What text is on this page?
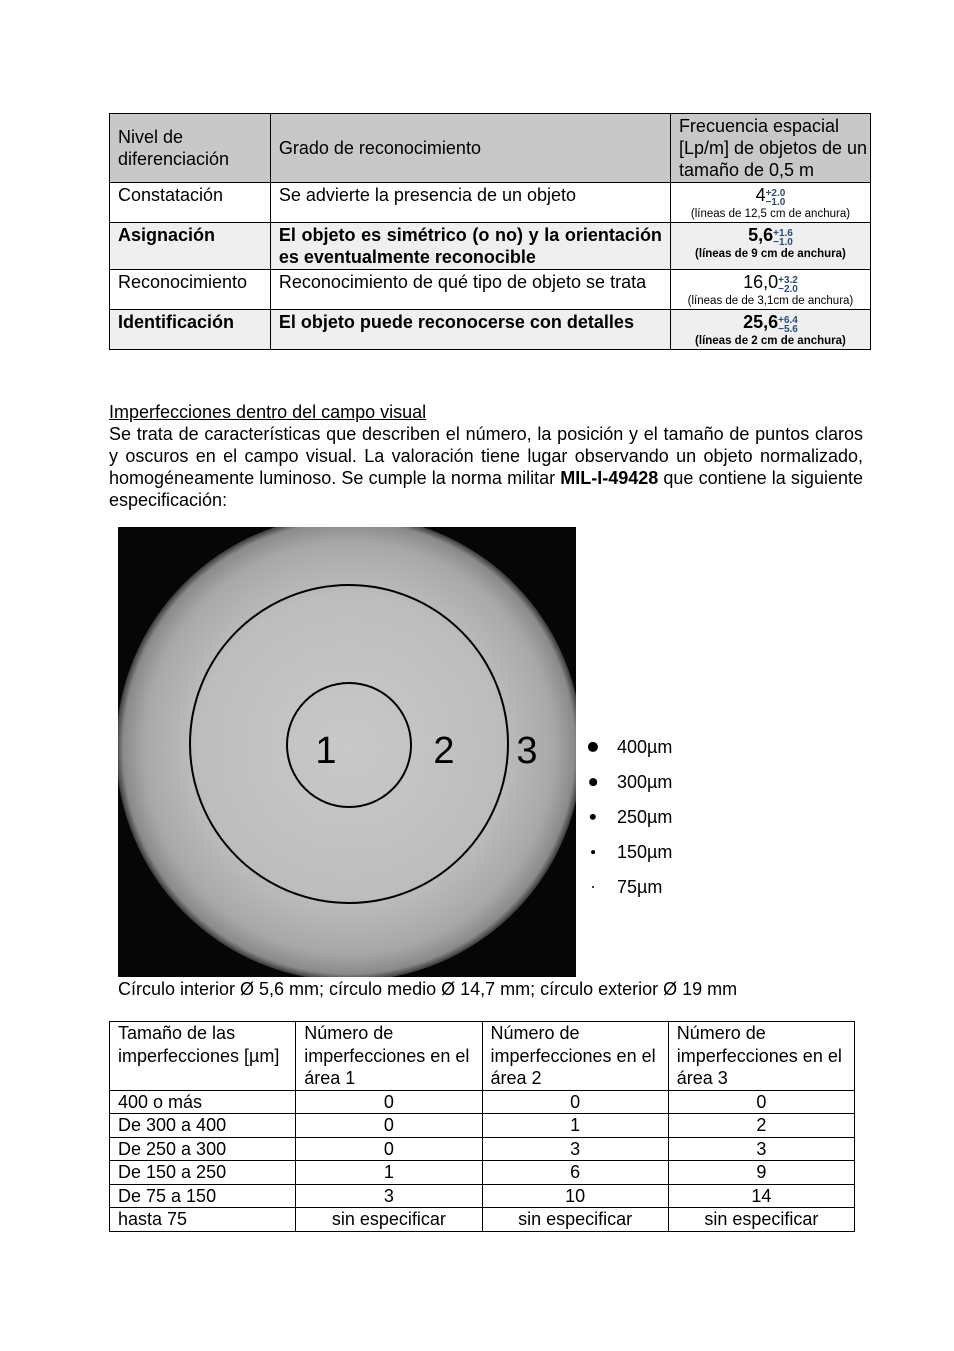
Nivel de diferenciación	Grado de reconocimiento	Frecuencia espacial [Lp/m] de objetos de un tamaño de 0,5 m
Constatación	Se advierte la presencia de un objeto	4+2.0
−1.0
(líneas de 12,5 cm de anchura)

Asignación	El objeto es simétrico (o no) y la orientación es eventualmente reconocible	5,6+1.6
−1.0
(líneas de 9 cm de anchura)

Reconocimiento	Reconocimiento de qué tipo de objeto se trata	16,0+3.2
−2.0
(líneas de de 3,1cm de anchura)

Identificación	El objeto puede reconocerse con detalles	25,6+6.4
−5.6
(líneas de 2 cm de anchura)
Imperfecciones dentro del campo visual
Se trata de características que describen el número, la posición y el tamaño de puntos claros y oscuros en el campo visual. La valoración tiene lugar observando un objeto normalizado, homogéneamente luminoso. Se cumple la norma militar MIL-I-49428 que contiene la siguiente especificación:
1	2 3	400µm
300µm
250µm
150µm
75µm
Círculo interior Ø 5,6 mm; círculo medio Ø 14,7 mm; círculo exterior Ø 19 mm
Tamaño de las imperfecciones [µm]	Número de imperfecciones en el área 1	Número de imperfecciones en el área 2	Número de imperfecciones en el área 3
400 o más	0	0	0
De 300 a 400	0	1	2
De 250 a 300	0	3	3
De 150 a 250	1	6	9
De 75 a 150	3	10	14
hasta 75	sin especificar	sin especificar	sin especificar
